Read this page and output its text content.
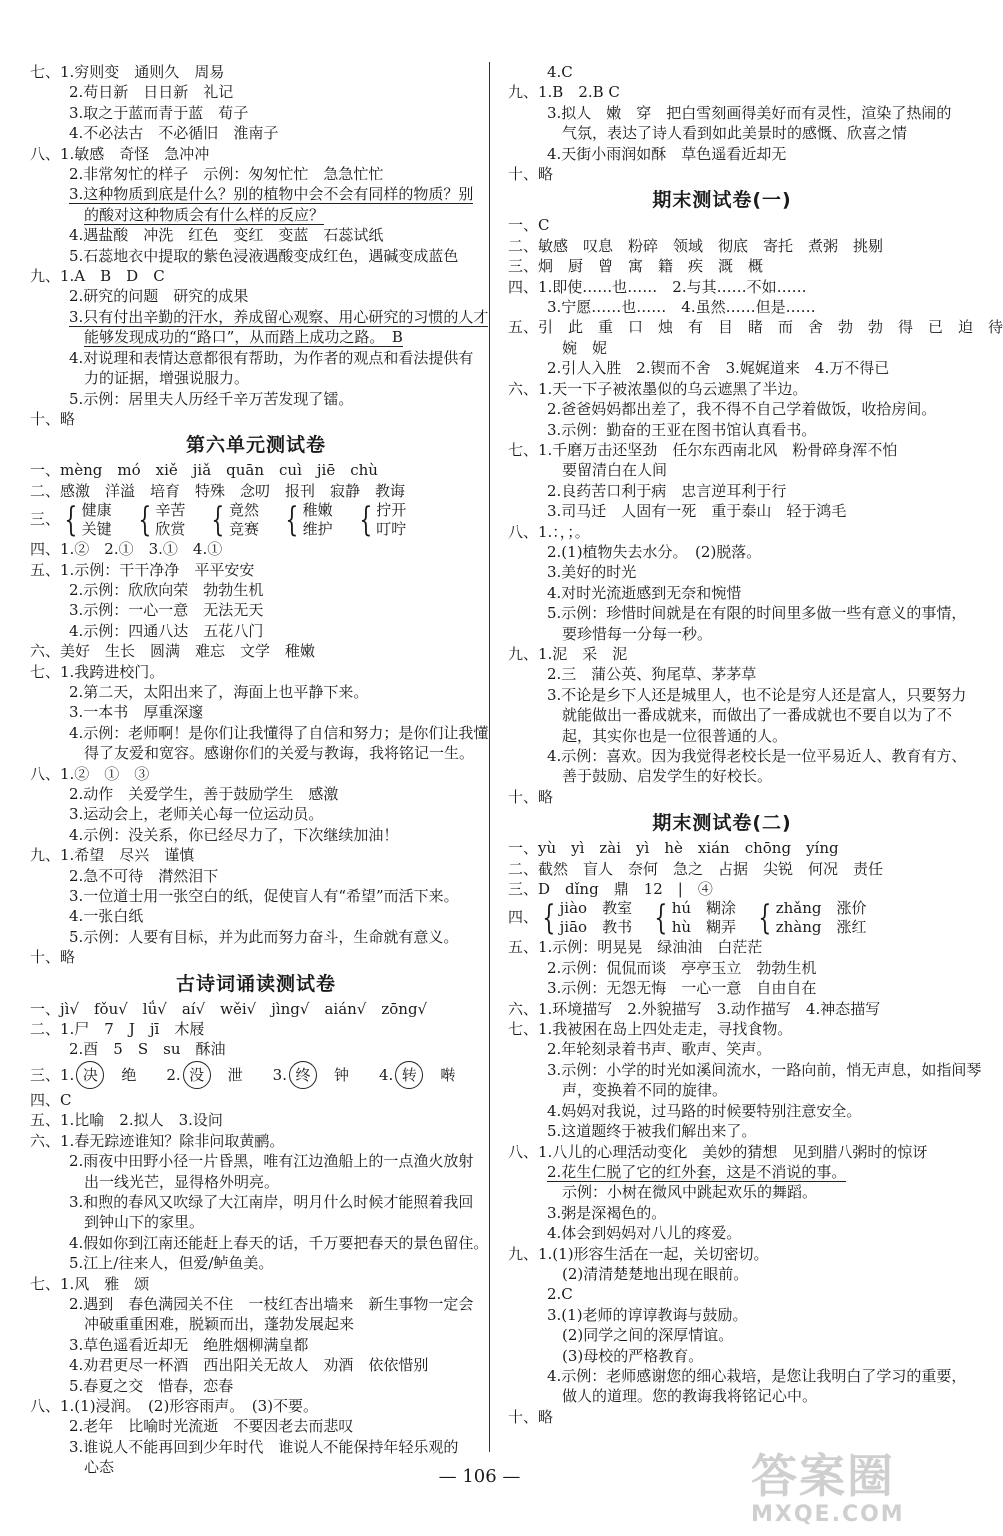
七、1.穷则变　通则久　周易
2.苟日新　日日新　礼记
3.取之于蓝而青于蓝　荀子
4.不必法古　不必循旧　淮南子
八、1.敏感　奇怪　急冲冲
2.非常匆忙的样子　示例：匆匆忙忙　急急忙忙
3.这种物质到底是什么？别的植物中会不会有同样的物质？别
的酸对这种物质会有什么样的反应？
4.遇盐酸　冲洗　红色　变红　变蓝　石蕊试纸
5.石蕊地衣中提取的紫色浸液遇酸变成红色，遇碱变成蓝色
九、1.A　B　D　C
2.研究的问题　研究的成果
3.只有付出辛勤的汗水，养成留心观察、用心研究的习惯的人才
能够发现成功的“路口”，从而踏上成功之路。　B
4.对说理和表情达意都很有帮助，为作者的观点和看法提供有
力的证据，增强说服力。
5.示例：居里夫人历经千辛万苦发现了镭。
十、略
第六单元测试卷
一、mèng　mó　xiě　jiǎ　quān　cuì　jiē　chù
二、感激　洋溢　培育　特殊　念叨　报刊　寂静　教诲
三、 { 健康
关键 { 辛苦
欣赏 { 竟然
竞赛 { 稚嫩
维护 { 拧开
叮咛
四、1.②　2.①　3.①　4.①
五、1.示例：干干净净　平平安安
2.示例：欣欣向荣　勃勃生机
3.示例：一心一意　无法无天
4.示例：四通八达　五花八门
六、美好　生长　圆满　难忘　文学　稚嫩
七、1.我跨进校门。
2.第二天，太阳出来了，海面上也平静下来。
3.一本书　厚重深邃
4.示例：老师啊！是你们让我懂得了自信和努力；是你们让我懂
得了友爱和宽容。感谢你们的关爱与教诲，我将铭记一生。
八、1.②　①　③
2.动作　关爱学生，善于鼓励学生　感激
3.运动会上，老师关心每一位运动员。
4.示例：没关系，你已经尽力了，下次继续加油！
九、1.希望　尽兴　谨慎
2.急不可待　潸然泪下
3.一位道士用一张空白的纸，促使盲人有“希望”而活下来。
4.一张白纸
5.示例：人要有目标，并为此而努力奋斗，生命就有意义。
十、略
古诗词诵读测试卷
一、jì√　fǒu√　lǘ√　aí√　wěi√　jìng√　aián√　zōng√
二、1.尸　7　J　jī　木屐
2.酉　5　S　su　酥油
三、1. 决　绝　　2. 没　泄　　3. 终　钟　　4. 转　啭　　
四、C
五、1.比喻　2.拟人　3.设问
六、1.春无踪迹谁知？除非问取黄鹂。
2.雨夜中田野小径一片昏黑，唯有江边渔船上的一点渔火放射
出一线光芒，显得格外明亮。
3.和煦的春风又吹绿了大江南岸，明月什么时候才能照着我回
到钟山下的家里。
4.假如你到江南还能赶上春天的话，千万要把春天的景色留住。
5.江上/往来人，但爱/鲈鱼美。
七、1.风　雅　颂
2.遇到　春色满园关不住　一枝红杏出墙来　新生事物一定会
冲破重重困难，脱颖而出，蓬勃发展起来
3.草色遥看近却无　绝胜烟柳满皇都
4.劝君更尽一杯酒　西出阳关无故人　劝酒　依依惜别
5.春夏之交　惜春，恋春
八、1.(1)浸润。　(2)形容雨声。　(3)不要。
2.老年　比喻时光流逝　不要因老去而悲叹
3.谁说人不能再回到少年时代　谁说人不能保持年轻乐观的
心态
4.C
九、1.B　2.B C
3.拟人　嫩　穿　把白雪刻画得美好而有灵性，渲染了热闹的
气氛，表达了诗人看到如此美景时的感慨、欣喜之情
4.天街小雨润如酥　草色遥看近却无
十、略
期末测试卷(一)
一、C
二、敏感　叹息　粉碎　领域　彻底　寄托　煮粥　挑剔
三、炯　厨　曾　寓　籍　疾　溉　概
四、1.即使……也……　2.与其……不如……
3.宁愿……也……　4.虽然……但是……
五、引　此　重　口　烛　有　目　睹　而　舍　勃　勃　得　已　迫　待
婉　妮
2.引人入胜　2.锲而不舍　3.娓娓道来　4.万不得已
六、1.天一下子被浓墨似的乌云遮黑了半边。
2.爸爸妈妈都出差了，我不得不自己学着做饭，收拾房间。
3.示例：勤奋的王亚在图书馆认真看书。
七、1.千磨万击还坚劲　任尔东西南北风　粉骨碎身浑不怕
要留清白在人间
2.良药苦口利于病　忠言逆耳利于行
3.司马迁　人固有一死　重于泰山　轻于鸿毛
八、1.：，；。
2.(1)植物失去水分。　(2)脱落。
3.美好的时光
4.对时光流逝感到无奈和惋惜
5.示例：珍惜时间就是在有限的时间里多做一些有意义的事情，
要珍惜每一分每一秒。
九、1.泥　采　泥
2.三　蒲公英、狗尾草、茅茅草
3.不论是乡下人还是城里人，也不论是穷人还是富人，只要努力
就能做出一番成就来，而做出了一番成就也不要自以为了不
起，其实你也是一位很普通的人。
4.示例：喜欢。因为我觉得老校长是一位平易近人、教育有方、
善于鼓励、启发学生的好校长。
十、略
期末测试卷(二)
一、yù　yì　zài　yì　hè　xián　chōng　yíng
二、截然　盲人　奈何　急之　占据　尖锐　何况　责任
三、D　dǐng　鼎　12　|　④
四、 { jiào　教室
jiāo　教书 { hú　糊涂
hù　糊弄 { zhǎng　涨价
zhàng　涨红
五、1.示例：明晃晃　绿油油　白茫茫
2.示例：侃侃而谈　亭亭玉立　勃勃生机
3.示例：无怨无悔　一心一意　自由自在
六、1.环境描写　2.外貌描写　3.动作描写　4.神态描写
七、1.我被困在岛上四处走走，寻找食物。
2.年轮刻录着书声、歌声、笑声。
3.示例：小学的时光如溪间流水，一路向前，悄无声息，如指间琴
声，变换着不同的旋律。
4.妈妈对我说，过马路的时候要特别注意安全。
5.这道题终于被我们解出来了。
八、1.八儿的心理活动变化　美妙的猜想　见到腊八粥时的惊讶
2.花生仁脱了它的红外套，这是不消说的事。
示例：小树在微风中跳起欢乐的舞蹈。
3.粥是深褐色的。
4.体会到妈妈对八儿的疼爱。
九、1.(1)形容生活在一起，关切密切。
(2)清清楚楚地出现在眼前。
2.C
3.(1)老师的谆谆教诲与鼓励。
(2)同学之间的深厚情谊。
(3)母校的严格教育。
4.示例：老师感谢您的细心栽培，是您让我明白了学习的重要，
做人的道理。您的教诲我将铭记心中。
十、略
— 106 —	答案圈
MXQE.COM
